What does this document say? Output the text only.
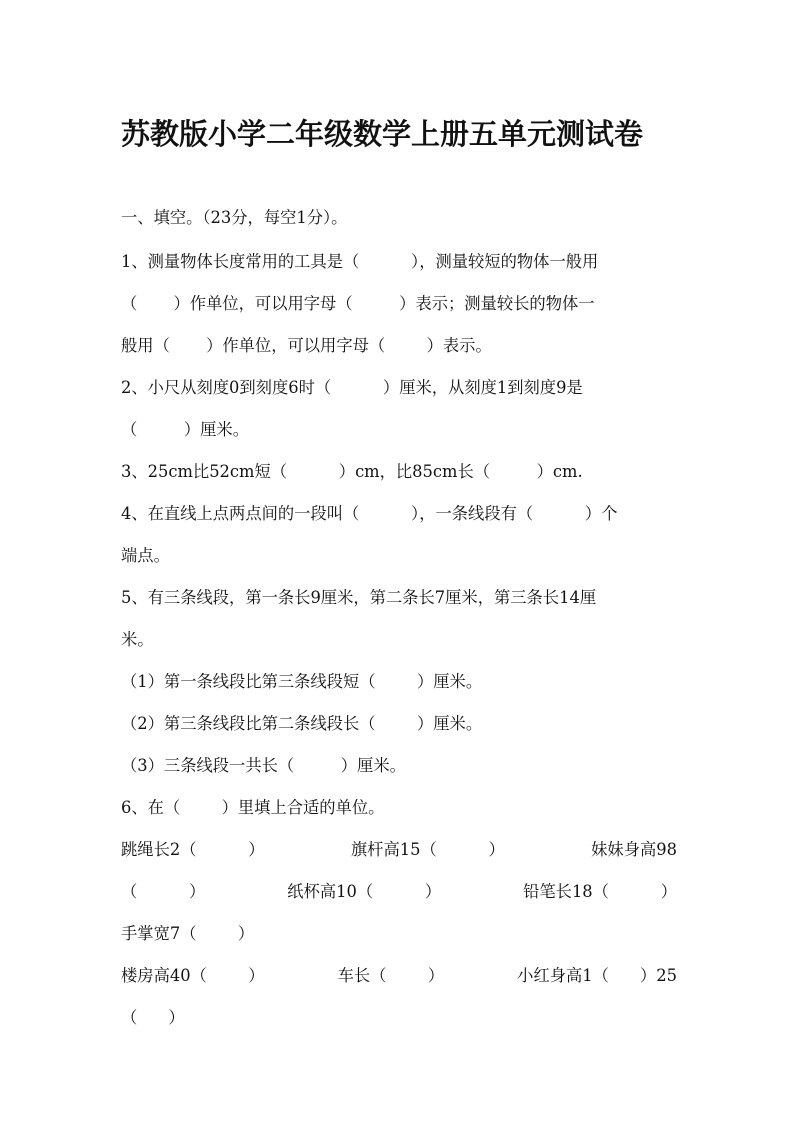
苏教版小学二年级数学上册五单元测试卷

一、填空。（23分，每空1分）。

1、测量物体长度常用的工具是（          ），测量较短的物体一般用

（       ）作单位，可以用字母（         ）表示；测量较长的物体一

般用（       ）作单位，可以用字母（        ）表示。

2、小尺从刻度0到刻度6时（          ）厘米，从刻度1到刻度9是

（         ）厘米。

3、25cm比52cm短（          ）cm，比85cm长（         ）cm.

4、在直线上点两点间的一段叫（          ），一条线段有（          ）个

端点。

5、有三条线段，第一条长9厘米，第二条长7厘米，第三条长14厘

米。

（1）第一条线段比第三条线段短（        ）厘米。

（2）第三条线段比第二条线段长（        ）厘米。

（3）三条线段一共长（         ）厘米。

6、在（        ）里填上合适的单位。

跳绳长2（          ）	旗杆高15（          ）	妹妹身高98
（          ）	纸杯高10（          ）	铅笔长18（          ）

手掌宽7（        ）

楼房高40（        ）	车长（        ）	小红身高1（      ）25

（      ）
